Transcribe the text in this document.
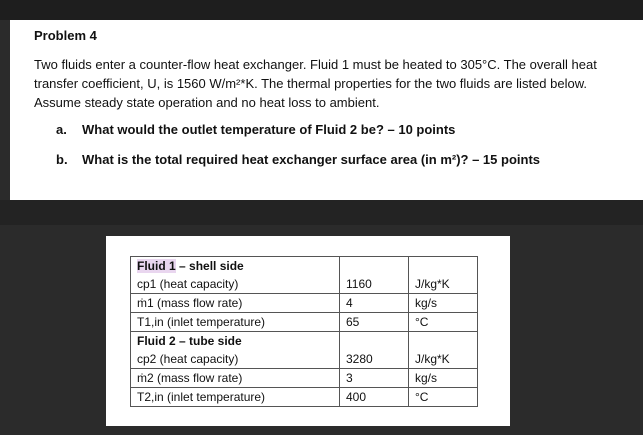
Problem 4
Two fluids enter a counter-flow heat exchanger. Fluid 1 must be heated to 305°C. The overall heat transfer coefficient, U, is 1560 W/m²*K. The thermal properties for the two fluids are listed below. Assume steady state operation and no heat loss to ambient.
a.	What would the outlet temperature of Fluid 2 be? – 10 points
b.	What is the total required heat exchanger surface area (in m²)? – 15 points
Fluid 1 – shell side		
cp1 (heat capacity)	1160	J/kg*K
ṁ1 (mass flow rate)	4	kg/s
T1,in (inlet temperature)	65	°C
Fluid 2 – tube side		
cp2 (heat capacity)	3280	J/kg*K
ṁ2 (mass flow rate)	3	kg/s
T2,in (inlet temperature)	400	°C
